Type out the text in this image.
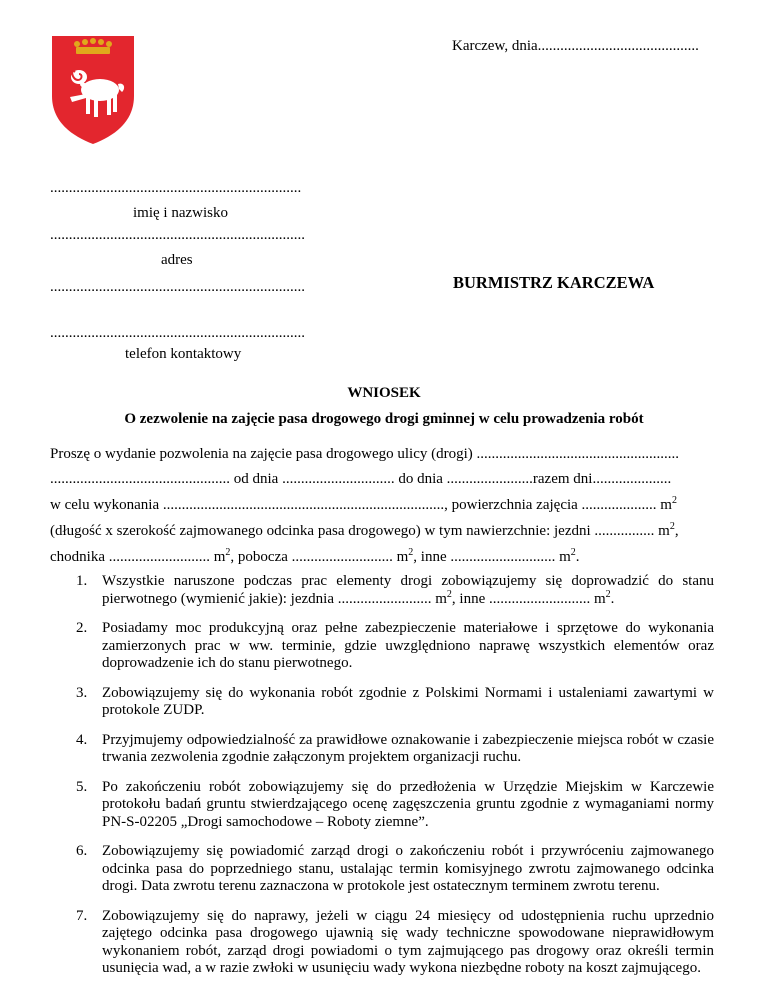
Karczew, dnia...........................................
...................................................................
imię i nazwisko
....................................................................
adres
....................................................................	BURMISTRZ KARCZEWA
....................................................................
telefon kontaktowy
WNIOSEK
O zezwolenie na zajęcie pasa drogowego drogi gminnej w celu prowadzenia robót
Proszę o wydanie pozwolenia na zajęcie pasa drogowego ulicy (drogi) ......................................................
................................................ od dnia .............................. do dnia .......................razem dni.....................
w celu wykonania ..........................................................................., powierzchnia zajęcia .................... $m^2$
(długość x szerokość zajmowanego odcinka pasa drogowego) w tym nawierzchnie: jezdni ................ $m^2$,
chodnika ........................... $m^2$, pobocza ........................... $m^2$, inne ............................ $m^2$.
1. Wszystkie naruszone podczas prac elementy drogi zobowiązujemy się doprowadzić do stanu pierwotnego (wymienić jakie): jezdnia ......................... $m^2$, inne ........................... $m^2$.
2. Posiadamy moc produkcyjną oraz pełne zabezpieczenie materiałowe i sprzętowe do wykonania zamierzonych prac w ww. terminie, gdzie uwzględniono naprawę wszystkich elementów oraz doprowadzenie ich do stanu pierwotnego.
3. Zobowiązujemy się do wykonania robót zgodnie z Polskimi Normami i ustaleniami zawartymi w protokole ZUDP.
4. Przyjmujemy odpowiedzialność za prawidłowe oznakowanie i zabezpieczenie miejsca robót w czasie trwania zezwolenia zgodnie załączonym projektem organizacji ruchu.
5. Po zakończeniu robót zobowiązujemy się do przedłożenia w Urzędzie Miejskim w Karczewie protokołu badań gruntu stwierdzającego ocenę zagęszczenia gruntu zgodnie z wymaganiami normy PN-S-02205 „Drogi samochodowe – Roboty ziemne”.
6. Zobowiązujemy się powiadomić zarząd drogi o zakończeniu robót i przywróceniu zajmowanego odcinka pasa do poprzedniego stanu, ustalając termin komisyjnego zwrotu zajmowanego odcinka drogi. Data zwrotu terenu zaznaczona w protokole jest ostatecznym terminem zwrotu terenu.
7. Zobowiązujemy się do naprawy, jeżeli w ciągu 24 miesięcy od udostępnienia ruchu uprzednio zajętego odcinka pasa drogowego ujawnią się wady techniczne spowodowane nieprawidłowym wykonaniem robót, zarząd drogi powiadomi o tym zajmującego pas drogowy oraz określi termin usunięcia wad, a w razie zwłoki w usunięciu wady wykona niezbędne roboty na koszt zajmującego.
